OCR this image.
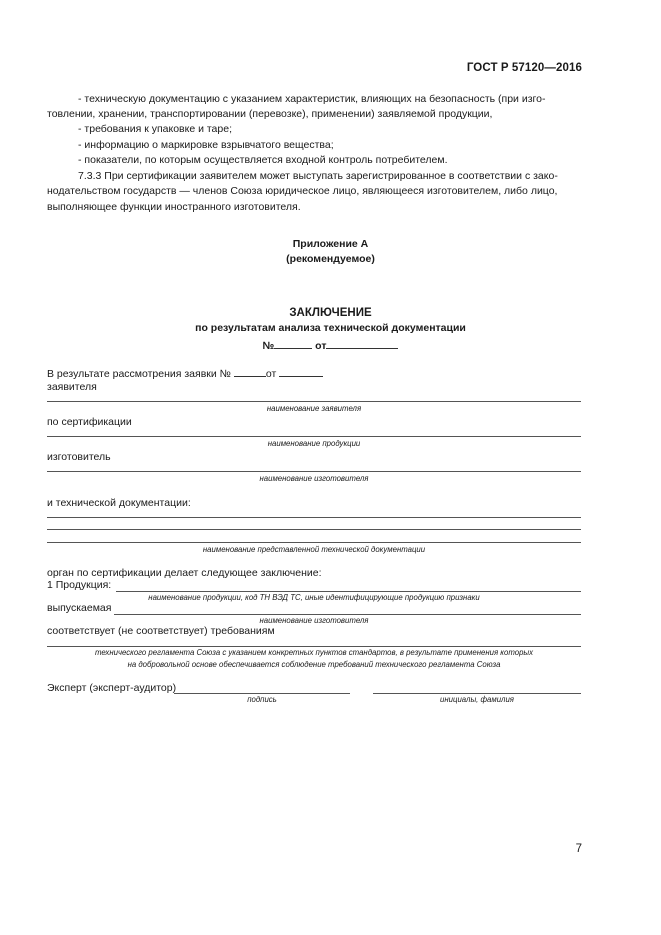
ГОСТ Р 57120—2016
- техническую документацию с указанием характеристик, влияющих на безопасность (при изго-
товлении, хранении, транспортировании (перевозке), применении) заявляемой продукции,
- требования к упаковке и таре;
- информацию о маркировке взрывчатого вещества;
- показатели, по которым осуществляется входной контроль потребителем.
7.3.3 При сертификации заявителем может выступать зарегистрированное в соответствии с зако-
нодательством государств — членов Союза юридическое лицо, являющееся изготовителем, либо лицо,
выполняющее функции иностранного изготовителя.
Приложение А
(рекомендуемое)
ЗАКЛЮЧЕНИЕ
по результатам анализа технической документации
№	от
В результате рассмотрения заявки №	от
заявителя
наименование заявителя
по сертификации
наименование продукции
изготовитель
наименование изготовителя
и технической документации:
наименование представленной технической документации
орган по сертификации делает следующее заключение:
1 Продукция:
наименование продукции, код ТН ВЭД ТС, иные идентифицирующие продукцию признаки
выпускаемая
наименование изготовителя
соответствует (не соответствует) требованиям
технического регламента Союза с указанием конкретных пунктов стандартов, в результате применения которых
на добровольной основе обеспечивается соблюдение требований технического регламента Союза
Эксперт (эксперт-аудитор)
подпись	инициалы, фамилия
7
